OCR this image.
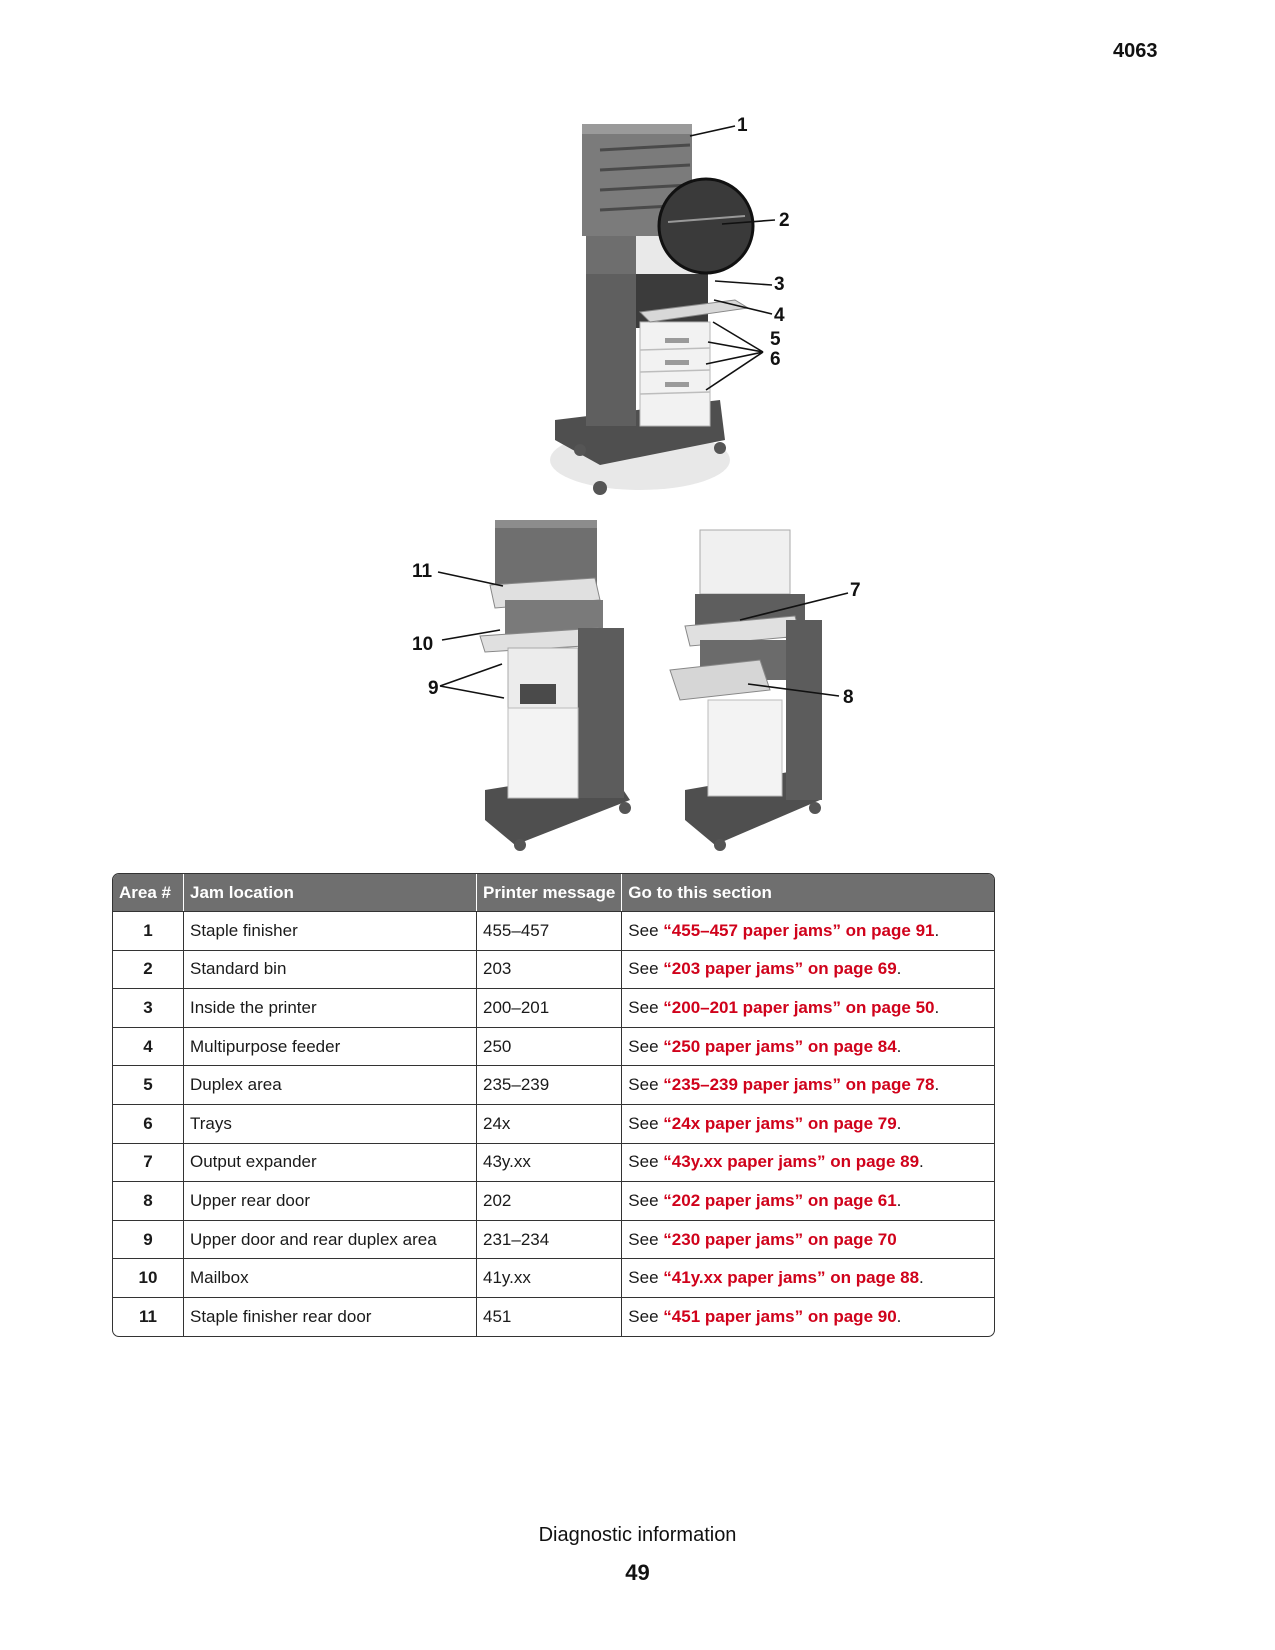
4063
1
2
3
4
5
6
7
8
9
10
11
Area #	Jam location	Printer message	Go to this section
1	Staple finisher	455–457	See “455–457 paper jams” on page 91.
2	Standard bin	203	See “203 paper jams” on page 69.
3	Inside the printer	200–201	See “200–201 paper jams” on page 50.
4	Multipurpose feeder	250	See “250 paper jams” on page 84.
5	Duplex area	235–239	See “235–239 paper jams” on page 78.
6	Trays	24x	See “24x paper jams” on page 79.
7	Output expander	43y.xx	See “43y.xx paper jams” on page 89.
8	Upper rear door	202	See “202 paper jams” on page 61.
9	Upper door and rear duplex area	231–234	See “230 paper jams” on page 70
10	Mailbox	41y.xx	See “41y.xx paper jams” on page 88.
11	Staple finisher rear door	451	See “451 paper jams” on page 90.
Diagnostic information
49
